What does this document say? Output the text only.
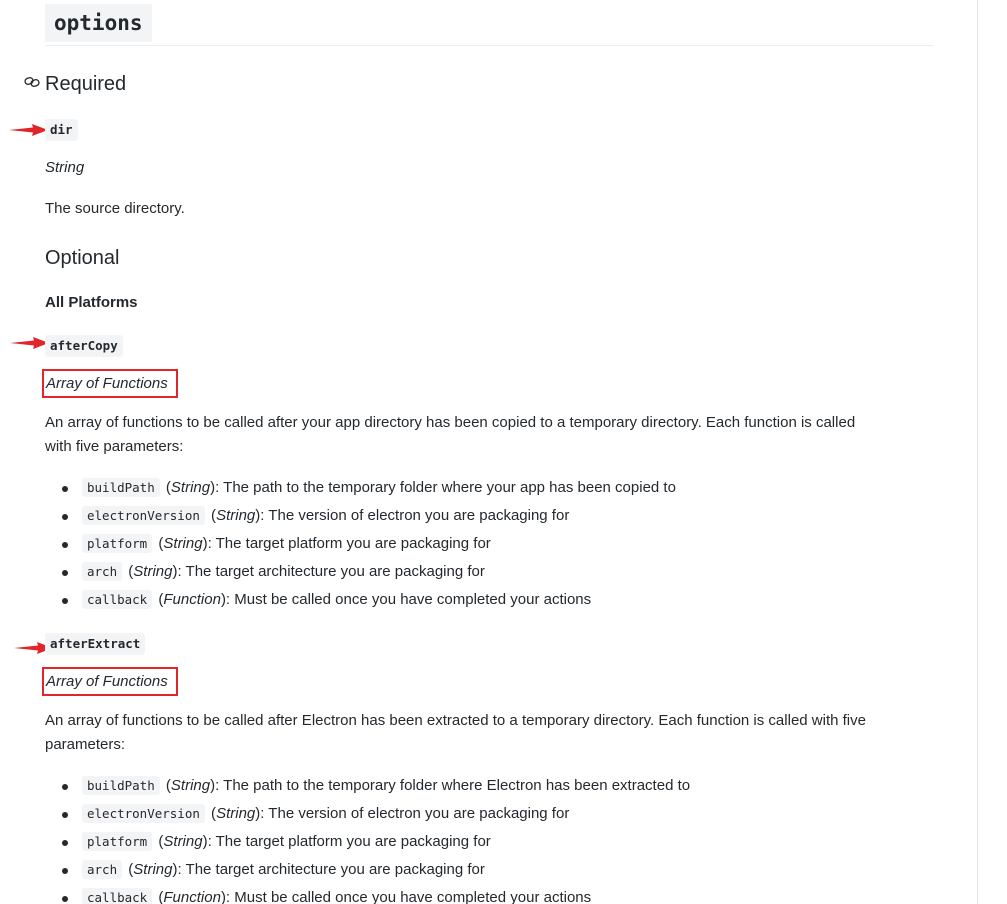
options
Required
dir
String
The source directory.
Optional
All Platforms
afterCopy
Array of Functions
An array of functions to be called after your app directory has been copied to a temporary directory. Each function is called
with five parameters:
buildPath (String): The path to the temporary folder where your app has been copied to
electronVersion (String): The version of electron you are packaging for
platform (String): The target platform you are packaging for
arch (String): The target architecture you are packaging for
callback (Function): Must be called once you have completed your actions
afterExtract
Array of Functions
An array of functions to be called after Electron has been extracted to a temporary directory. Each function is called with five
parameters:
buildPath (String): The path to the temporary folder where Electron has been extracted to
electronVersion (String): The version of electron you are packaging for
platform (String): The target platform you are packaging for
arch (String): The target architecture you are packaging for
callback (Function): Must be called once you have completed your actions
